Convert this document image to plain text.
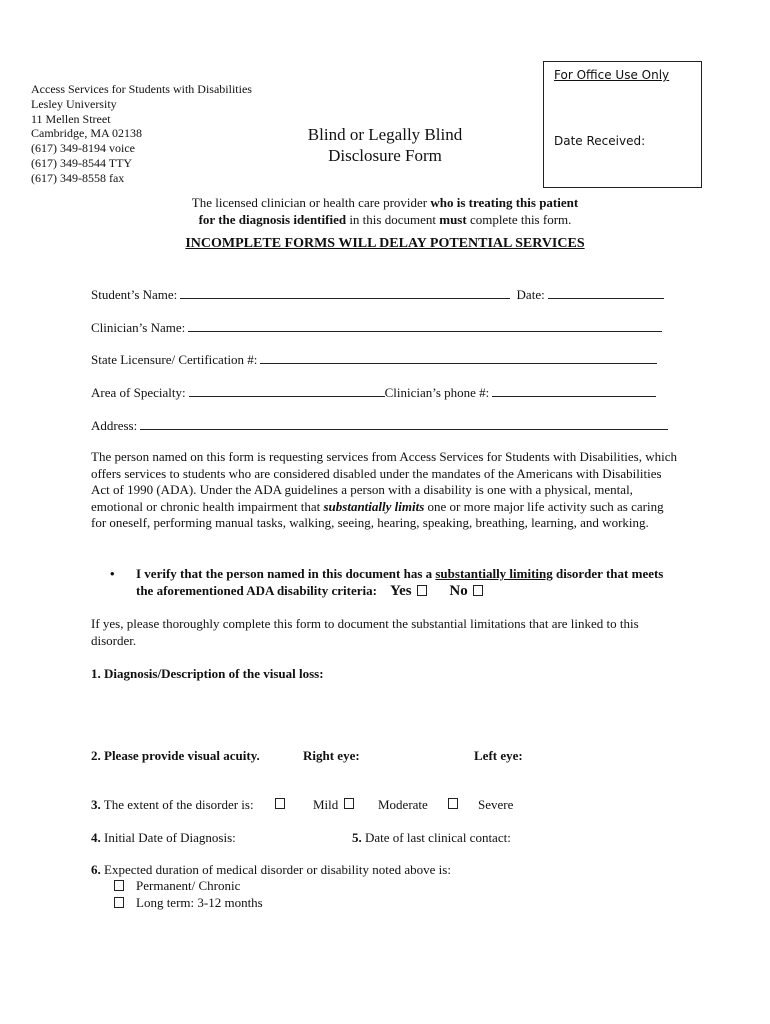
Access Services for Students with Disabilities
Lesley University
11 Mellen Street
Cambridge, MA 02138
(617) 349-8194 voice
(617) 349-8544 TTY
(617) 349-8558 fax
Blind or Legally Blind
Disclosure Form
For Office Use Only
Date Received:
The licensed clinician or health care provider who is treating this patient
for the diagnosis identified in this document must complete this form.
INCOMPLETE FORMS WILL DELAY POTENTIAL SERVICES
Student’s Name:	Date:
Clinician’s Name:
State Licensure/ Certification #:
Area of Specialty:	Clinician’s phone #:
Address:
The person named on this form is requesting services from Access Services for Students with Disabilities, which offers services to students who are considered disabled under the mandates of the Americans with Disabilities Act of 1990 (ADA). Under the ADA guidelines a person with a disability is one with a physical, mental, emotional or chronic health impairment that substantially limits one or more major life activity such as caring for oneself, performing manual tasks, walking, seeing, hearing, speaking, breathing, learning, and working.
• I verify that the person named in this document has a substantially limiting disorder that meets the aforementioned ADA disability criteria: Yes	No
If yes, please thoroughly complete this form to document the substantial limitations that are linked to this disorder.
1. Diagnosis/Description of the visual loss:
2. Please provide visual acuity.	Right eye:	Left eye:
3. The extent of the disorder is:	Mild	Moderate	Severe
4. Initial Date of Diagnosis:	5. Date of last clinical contact:
6. Expected duration of medical disorder or disability noted above is:
Permanent/ Chronic
Long term: 3-12 months
